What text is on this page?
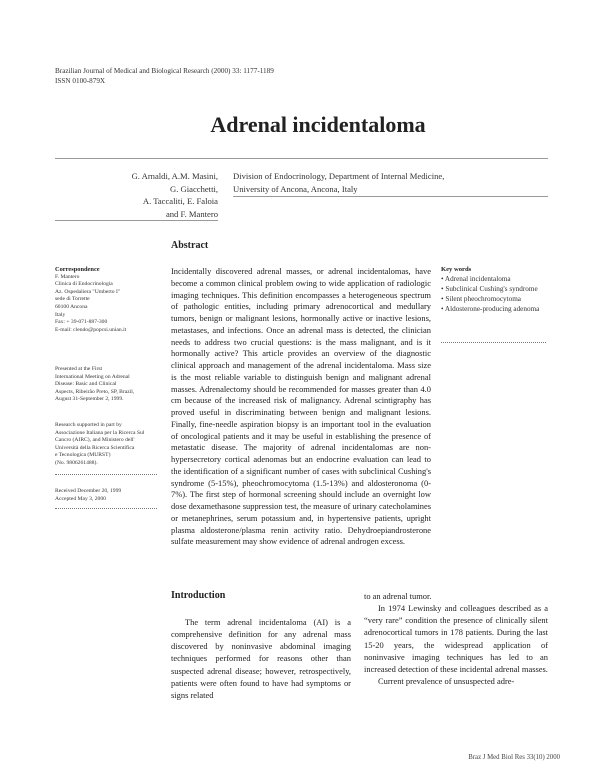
Brazilian Journal of Medical and Biological Research (2000) 33: 1177-1189
ISSN 0100-879X
Adrenal incidentaloma
G. Arnaldi, A.M. Masini,
G. Giacchetti,
A. Taccaliti, E. Faloia
and F. Mantero
Division of Endocrinology, Department of Internal Medicine,
University of Ancona, Ancona, Italy
Abstract
Correspondence
F. Mantero
Clinica di Endocrinologia
Az. Ospedaliera "Umberto I"
sede di Torrette
60100 Ancona
Italy
Fax: + 39-071-887-300
E-mail: clendo@popcsi.unian.it
Presented at the First
International Meeting on Adrenal
Disease: Basic and Clinical
Aspects, Ribeirão Preto, SP, Brazil,
August 31-September 2, 1999.
Research supported in part by
Associazione Italiana per la Ricerca Sul
Cancro (AIRC), and Ministero dell'
Università della Ricerca Scientifica
e Tecnologica (MURST)
(No. 9806261488).
Received December 20, 1999
Accepted May 3, 2000

Incidentally discovered adrenal masses, or adrenal incidentalomas, have become a common clinical problem owing to wide application of radiologic imaging techniques. This definition encompasses a heterogeneous spectrum of pathologic entities, including primary adrenocortical and medullary tumors, benign or malignant lesions, hormonally active or inactive lesions, metastases, and infections. Once an adrenal mass is detected, the clinician needs to address two crucial questions: is the mass malignant, and is it hormonally active? This article provides an overview of the diagnostic clinical approach and management of the adrenal incidentaloma. Mass size is the most reliable variable to distinguish benign and malignant adrenal masses. Adrenalectomy should be recommended for masses greater than 4.0 cm because of the increased risk of malignancy. Adrenal scintigraphy has proved useful in discriminating between benign and malignant lesions. Finally, fine-needle aspiration biopsy is an important tool in the evaluation of oncological patients and it may be useful in establishing the presence of metastatic disease. The majority of adrenal incidentalomas are non-hypersecretory cortical adenomas but an endocrine evaluation can lead to the identification of a significant number of cases with subclinical Cushing's syndrome (5-15%), pheochromocytoma (1.5-13%) and aldosteronoma (0-7%). The first step of hormonal screening should include an overnight low dose dexamethasone suppression test, the measure of urinary catecholamines or metanephrines, serum potassium and, in hypertensive patients, upright plasma aldosterone/plasma renin activity ratio. Dehydroepiandrosterone sulfate measurement may show evidence of adrenal androgen excess.

Key words
• Adrenal incidentaloma
• Subclinical Cushing's syndrome
• Silent pheochromocytoma
• Aldosterone-producing adenoma
Introduction

The term adrenal incidentaloma (AI) is a comprehensive definition for any adrenal mass discovered by noninvasive abdominal imaging techniques performed for reasons other than suspected adrenal disease; however, retrospectively, patients were often found to have had symptoms or signs related

to an adrenal tumor.

In 1974 Lewinsky and colleagues described as a “very rare” condition the presence of clinically silent adrenocortical tumors in 178 patients. During the last 15-20 years, the widespread application of noninvasive imaging techniques has led to an increased detection of these incidental adrenal masses.

Current prevalence of unsuspected adre-

Braz J Med Biol Res 33(10) 2000
